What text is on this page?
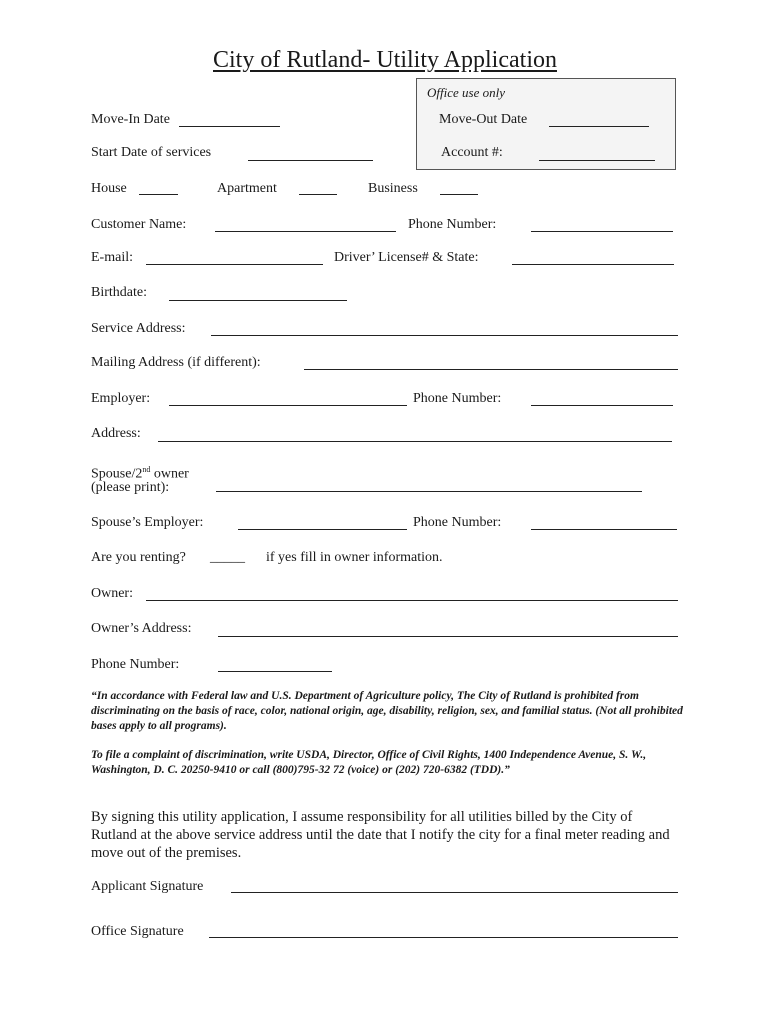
City of Rutland- Utility Application
Office use only
Move-Out Date
Account #:
Move-In Date
Start Date of services
House	Apartment	Business
Customer Name:	Phone Number:
E-mail:	Driver’ License# & State:
Birthdate:
Service Address:
Mailing Address (if different):
Employer:	Phone Number:
Address:
Spouse/2nd owner
(please print):
Spouse’s Employer:	Phone Number:
Are you renting? _____ if yes fill in owner information.
Owner:
Owner’s Address:
Phone Number:
“In accordance with Federal law and U.S. Department of Agriculture policy, The City of Rutland is prohibited from discriminating on the basis of race, color, national origin, age, disability, religion, sex, and familial status. (Not all prohibited bases apply to all programs).
To file a complaint of discrimination, write USDA, Director, Office of Civil Rights, 1400 Independence Avenue, S. W., Washington, D. C. 20250-9410 or call (800)795-32 72 (voice) or (202) 720-6382 (TDD).”
By signing this utility application, I assume responsibility for all utilities billed by the City of Rutland at the above service address until the date that I notify the city for a final meter reading and move out of the premises.
Applicant Signature
Office Signature
